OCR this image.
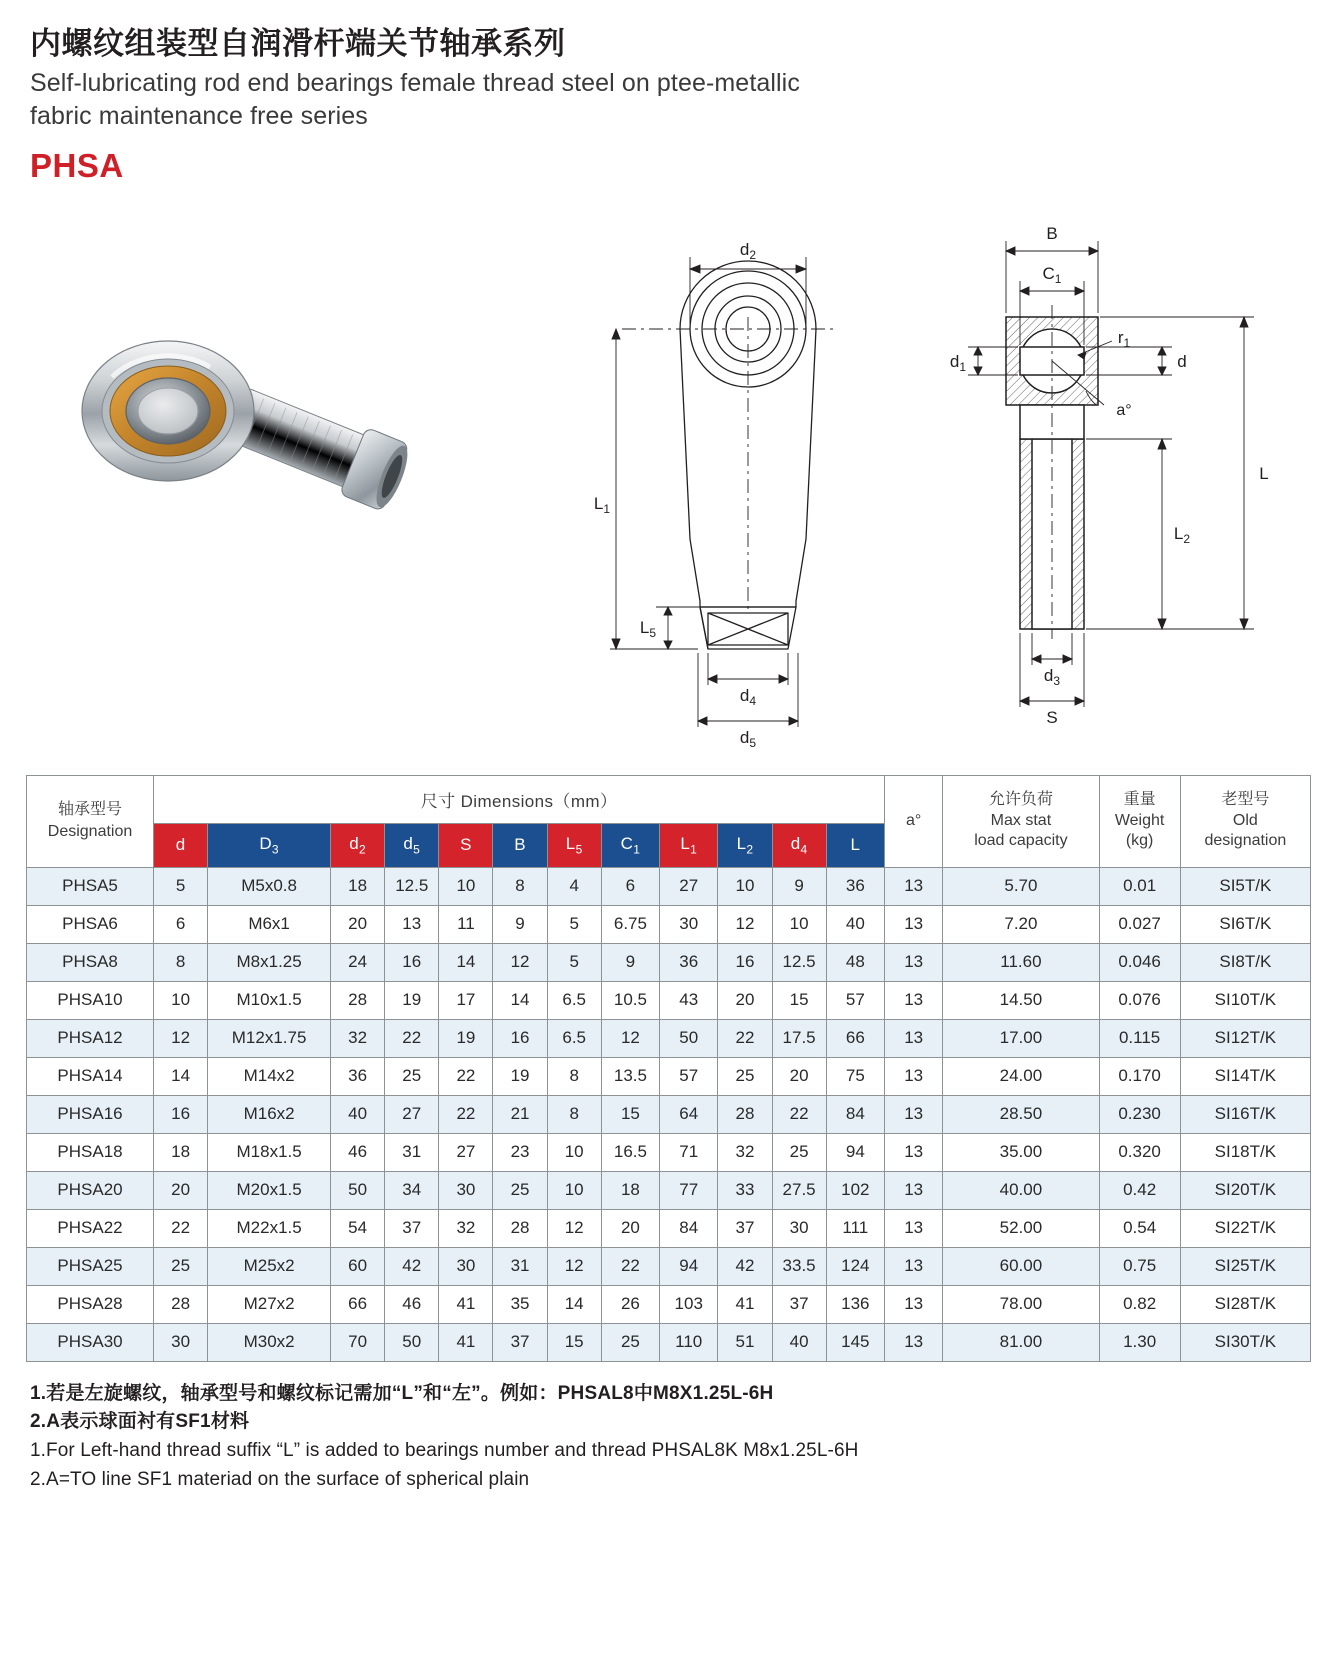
内螺纹组装型自润滑杆端关节轴承系列
Self-lubricating rod end bearings female thread steel on ptee-metallic
fabric maintenance free series
PHSA
$d_2$
$L_1$
$L_5$
$d_4$
$d_5$
B
$C_1$
$d_1$
$r_1$
d
a°
L
$L_2$
$d_3$
S
轴承型号
Designation
	尺寸 Dimensions（mm）	a°	
允许负荷
Max stat
load capacity

重量
Weight
(kg)

老型号
Old
designation

	d	$D_3$	$d_2$	$d_5$	S	B	$L_5$	$C_1$	$L_1$	$L_2$	$d_4$	L				
PHSA5	5	M5x0.8	18	12.5	10	8	4	6	27	10	9	36	13	5.70	0.01	SI5T/K
PHSA6	6	M6x1	20	13	11	9	5	6.75	30	12	10	40	13	7.20	0.027	SI6T/K
PHSA8	8	M8x1.25	24	16	14	12	5	9	36	16	12.5	48	13	11.60	0.046	SI8T/K
PHSA10	10	M10x1.5	28	19	17	14	6.5	10.5	43	20	15	57	13	14.50	0.076	SI10T/K
PHSA12	12	M12x1.75	32	22	19	16	6.5	12	50	22	17.5	66	13	17.00	0.115	SI12T/K
PHSA14	14	M14x2	36	25	22	19	8	13.5	57	25	20	75	13	24.00	0.170	SI14T/K
PHSA16	16	M16x2	40	27	22	21	8	15	64	28	22	84	13	28.50	0.230	SI16T/K
PHSA18	18	M18x1.5	46	31	27	23	10	16.5	71	32	25	94	13	35.00	0.320	SI18T/K
PHSA20	20	M20x1.5	50	34	30	25	10	18	77	33	27.5	102	13	40.00	0.42	SI20T/K
PHSA22	22	M22x1.5	54	37	32	28	12	20	84	37	30	111	13	52.00	0.54	SI22T/K
PHSA25	25	M25x2	60	42	30	31	12	22	94	42	33.5	124	13	60.00	0.75	SI25T/K
PHSA28	28	M27x2	66	46	41	35	14	26	103	41	37	136	13	78.00	0.82	SI28T/K
PHSA30	30	M30x2	70	50	41	37	15	25	110	51	40	145	13	81.00	1.30	SI30T/K
1.若是左旋螺纹，轴承型号和螺纹标记需加“L”和“左”。例如：PHSAL8中M8X1.25L-6H
2.A表示球面衬有SF1材料
1.For Left-hand thread suffix “L” is added to bearings number and thread PHSAL8K M8x1.25L-6H
2.A=TO line SF1 materiad on the surface of spherical plain
